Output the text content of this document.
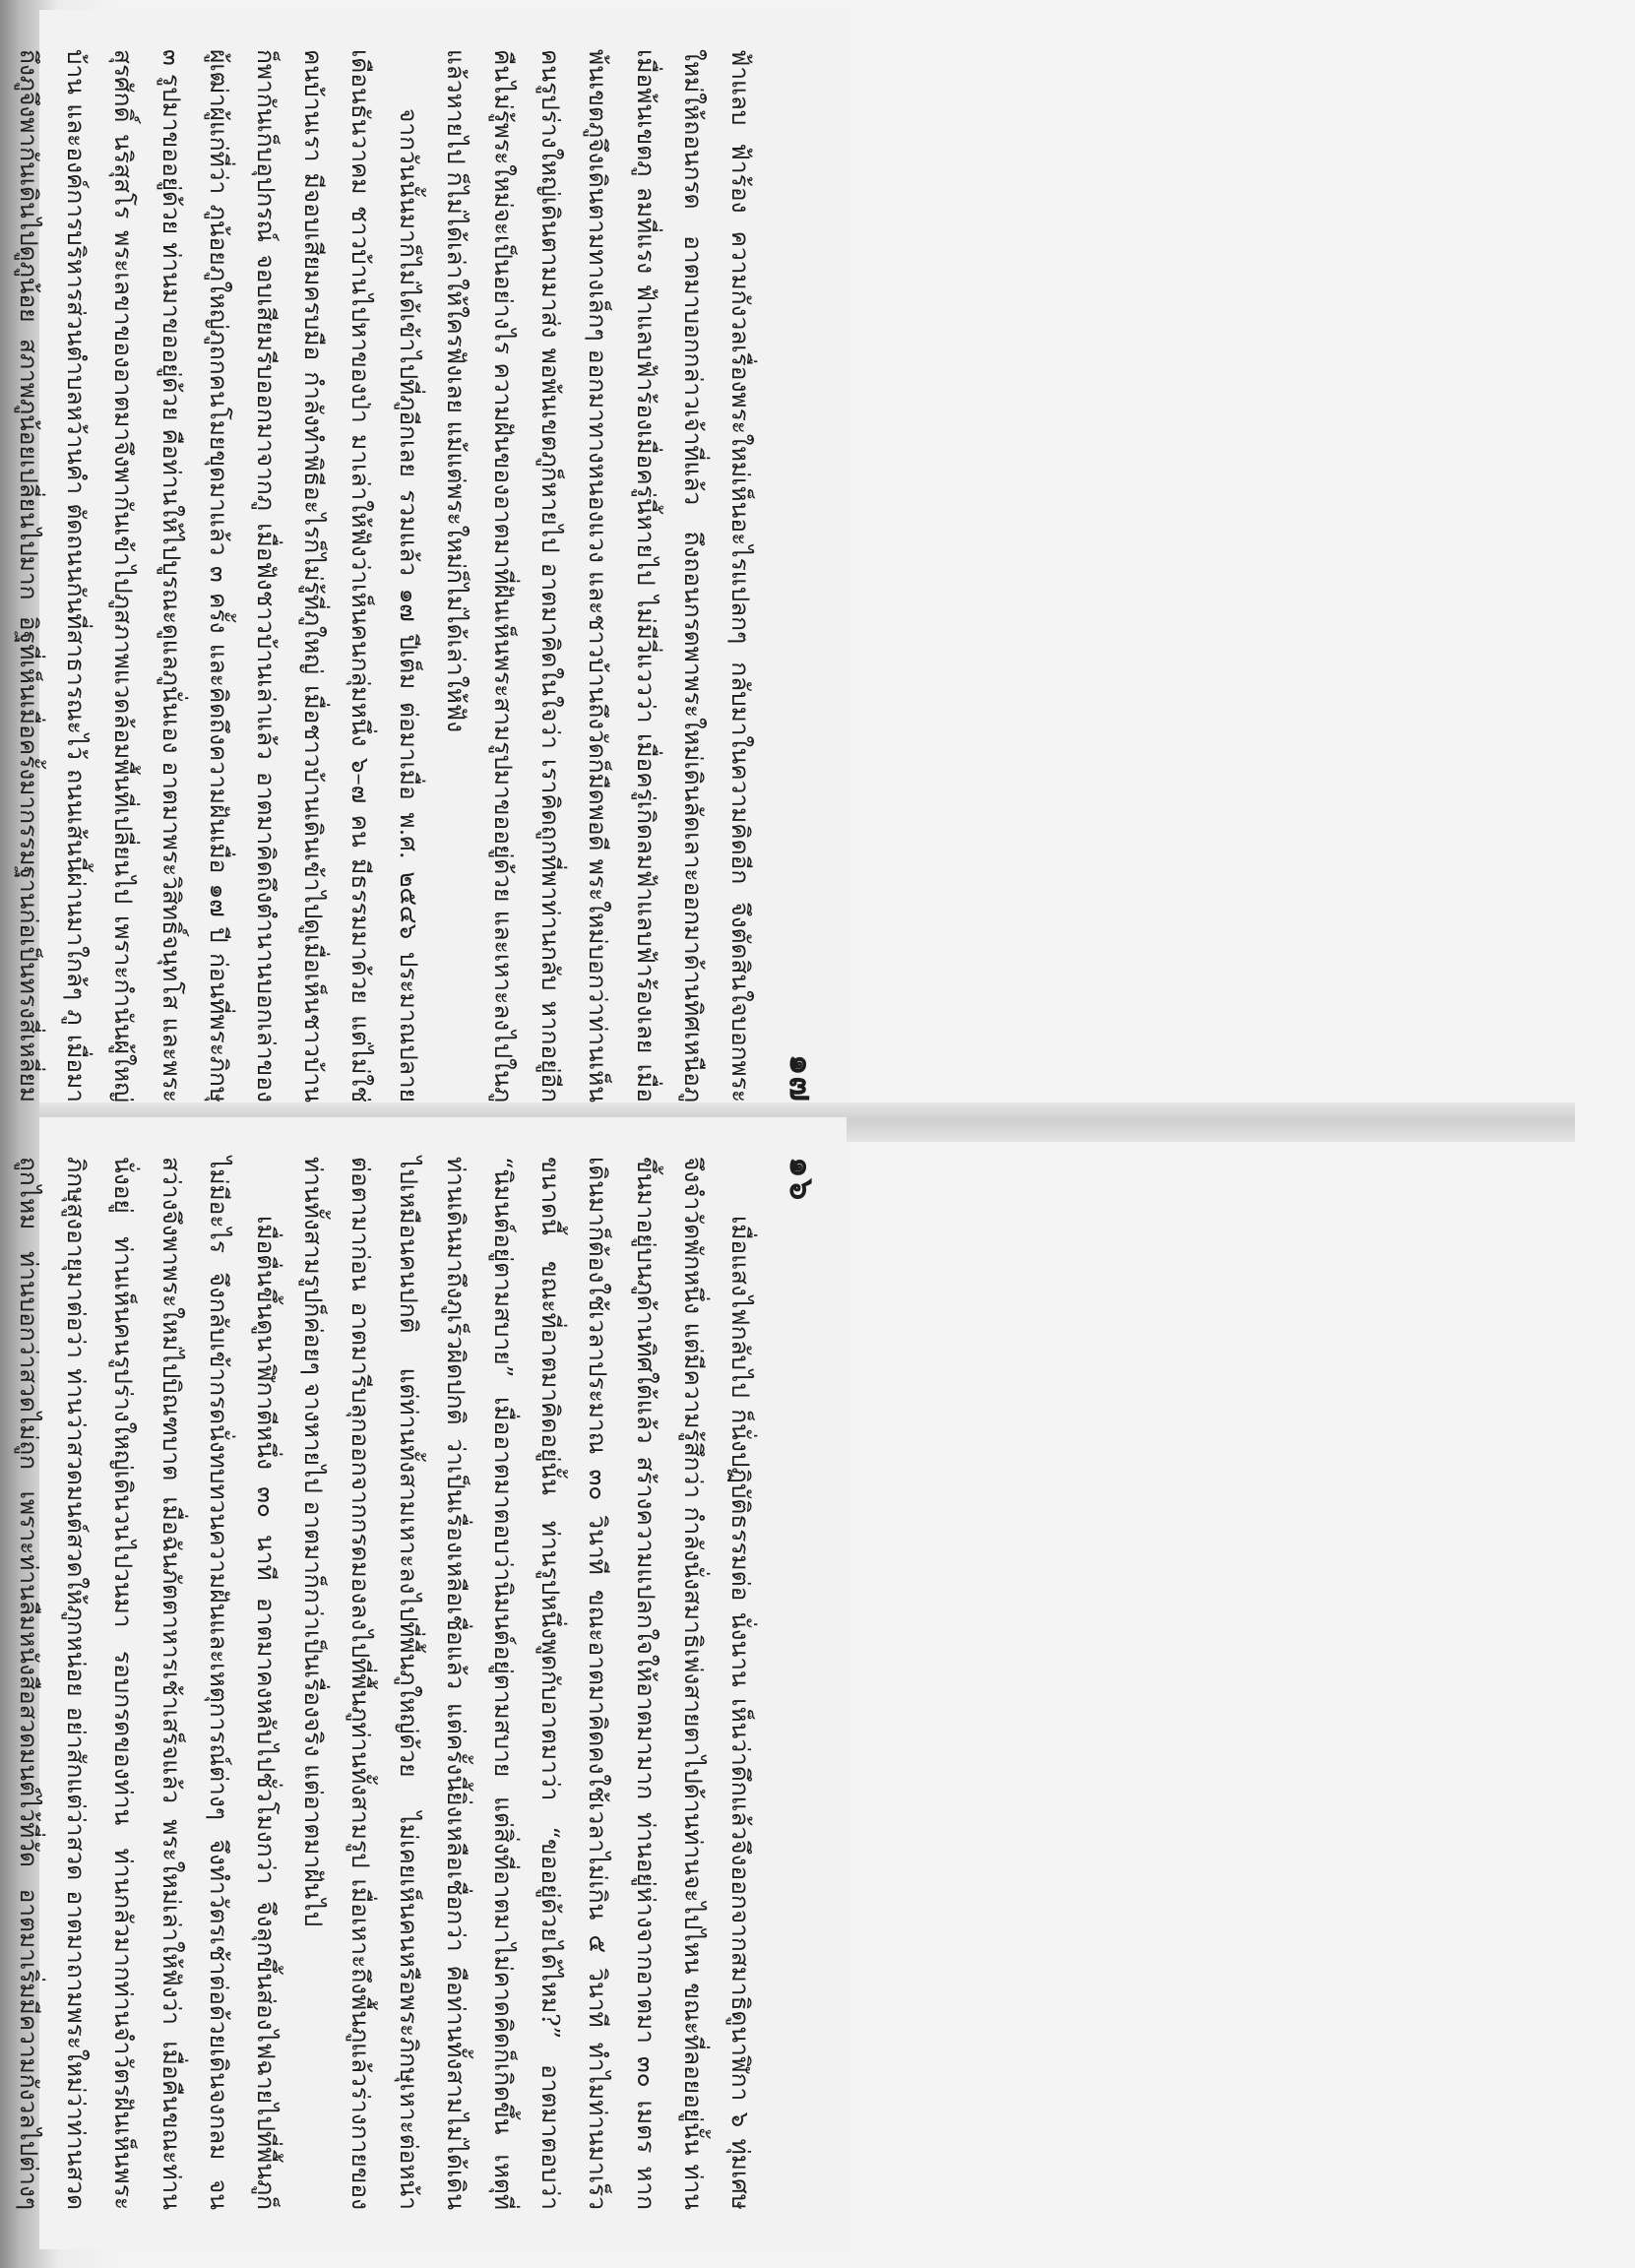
๑๗

ฟ้าแลบ ฟ้าร้อง ความกังวลเรื่องพระใหม่เห็นอะไรแปลกๆ กลับมาในความคิดอีก จึงตัดสินใจบอกพระใหม่ให้ถอนกรด อาตมาบอกกล่าวเจ้าที่แล้ว ถึงถอนกรดพาพระใหม่เดินลัดเลาะออกมาด้านทิศเหนือภู เมื่อพ้นเขตภู ลมที่แรง ฟ้าแลบฟ้าร้องเมื่อครู่นี้หายไป ไม่มีวี่แววว่า เมื่อครู่เกิดลมฟ้าแลบฟ้าร้องเลย เมื่อพ้นเขตภูจึงเดินตามทางเล็กๆ ออกมาทางหนองแวง และชาวบ้านถึงวัดก็มืดพอดี พระใหม่บอกว่าท่านเห็นคนรูปร่างใหญ่เดินตามมาส่ง พอพ้นเขตภูก็หายไป อาตมาคิดในใจว่า เราคิดถูกที่พาท่านกลับ หากอยู่อีกคืนไม่รู้พระใหม่จะเป็นอย่างไร ความฝันของอาตมาที่ฝันเห็นพระสามรูปมาขออยู่ด้วย และเหาะลงไปในภูแล้วหายไป ก็ไม่ได้เล่าให้ใครฟังเลย แม้แต่พระใหม่ก็ไม่ได้เล่าให้ฟัง

จากวันนั้นมาก็ไม่ได้เข้าไปที่ภูอีกเลย รวมแล้ว ๑๗ ปีเต็ม ต่อมาเมื่อ พ.ศ. ๒๕๔๖ ประมาณปลายเดือนธันวาคม ชาวบ้านไปหาของป่า มาเล่าให้ฟังว่าเห็นคนกลุ่มหนึ่ง ๖–๗ คน มีธรรมมาด้วย แต่ไม่ใช่คนบ้านเรา มีจอบเสียมครบมือ กำลังทำพิธีอะไรก็ไม่รู้ที่ภูใหญ่ เมื่อชาวบ้านเดินเข้าไปดูเมื่อเห็นชาวบ้าน ก็พากันเก็บอุปกรณ์ จอบเสียมรีบออกมาจากภู เมื่อฟังชาวบ้านเล่าแล้ว อาตมาคิดถึงตำนานบอกเล่าของผู้เฒ่าผู้แก่ที่ว่า ภูน้อยภูใหญ่ภูถกคนโมยขุดมาแล้ว ๓ ครั้ง และคิดถึงความฝันเมื่อ ๑๗ ปี ก่อนที่พระภิกษุ ๓ รูปมาขออยู่ด้วย ท่านมาขออยู่ด้วย คือท่านให้ไปบูรณะดูแลภูนั่นเอง อาตมาพระวิสิทธิ์จนุทโส และพระสุรศักดิ์ นริสุสโร พระเลขาของอาตมาจึงพากันเข้าไปภูสภาพแวดล้อมพื้นที่เปลี่ยนไป เพราะกำนันผู้ใหญ่บ้าน และองค์การบริหารส่วนตำบลหว้านคำ ตัดถนนกันที่สาธารณะไว้ ถนนเส้นนี้ผ่านมาใกล้ๆ ภู เมื่อมาถึงภูจึงพากันเดินไปดูภูน้อย สภาพภูน้อยเปลี่ยนไปมาก อิฐที่เห็นเมื่อครั้งมากรรมฐานก่อเป็นทรงสี่เหลี่ยม

๑๖

เมื่อแสงไฟกลับไป ก็นั่งปฏิบัติธรรมต่อ นั่งนาน เห็นว่าดึกแล้วจึงออกจากสมาธิดูนาฬิกา ๖ ทุ่มเศษ จึงจำวัดพักหนึ่ง แต่มีความรู้สึกว่า กำลังนั่งสมาธิเพ่งสายตาไปด้านท่านจะไปไหน ขณะที่ลอยอยู่นั้น ท่านขึ้นมาอยู่บนภูด้านทิศใต้แล้ว สร้างความแปลกใจให้อาตมามาก ท่านอยู่ห่างจากอาตมา ๓๐ เมตร หากเดินมาก็ต้องใช้เวลาประมาณ ๓๐ วินาที ขณะอาตมาคิดคงใช้เวลาไม่เกิน ๕ วินาที ทำไมท่านมาเร็วขนาดนี้ ขณะที่อาตมาคิดอยู่นั้น ท่านรูปหนึ่งพูดกับอาตมาว่า “ขออยู่ด้วยได้ไหม?” อาตมาตอบว่า “นิมนต์อยู่ตามสบาย” เมื่ออาตมาตอบว่านิมนต์อยู่ตามสบาย แต่สิ่งที่อาตมาไม่คาดคิดก็เกิดขึ้น เหตุที่ท่านเดินมาถึงภูเร็วผิดปกติ ว่าเป็นเรื่องเหลือเชื่อแล้ว แต่ครั้งนี้ยิ่งเหลือเชื่อกว่า คือท่านทั้งสามไม่ได้เดินไปเหมือนคนปกติ แต่ท่านทั้งสามเหาะลงไปที่พื้นภูใหญ่ด้วย ไม่เคยเห็นคนหรือพระภิกษุเหาะต่อหน้าต่อตามาก่อน อาตมารีบลุกออกจากกรดมองลงไปที่พื้นภูท่านทั้งสามรูป เมื่อเหาะถึงพื้นภูแล้วร่างกายของท่านทั้งสามรูปก็ค่อยๆ จางหายไป อาตมาก็กว่าเป็นเรื่องจริง แต่อาตมาฝันไป

เมื่อตื่นขึ้นดูนาฬิกาตีหนึ่ง ๓๐ นาที อาตมาคงหลับไปชั่วโมงกว่า จึงลุกขึ้นส่องไฟฉายไปที่พื้นภูก็ไม่มีอะไร จึงกลับเข้ากรดนั่งทบทวนความฝันและเหตุการณ์ต่างๆ จึงทำวัตรเช้าต่อด้วยเดินจงกลม จนสว่างจึงพาพระใหม่ไปบิณฑบาต เมื่อฉันภัตตาหารเช้าเสร็จแล้ว พระใหม่เล่าให้ฟังว่า เมื่อคืนขณะท่านนั่งอยู่ ท่านเห็นคนรูปร่างใหญ่เดินวนไปวนมา รอบกรดของท่าน ท่านกลัวมากท่านจำวัตรฝันเห็นพระภิกษุสูงอายุมาต่อว่า ท่านว่าสวดมนต์สวดให้ภูกหน่อย อย่าสักแต่ว่าสวด อาตมาถามพระใหม่ว่าท่านสวดถูกไหม ท่านบอกว่าสวดไม่ถูก เพราะท่านลืมหนังสือสวดมนต์ไว้ที่วัด อาตมาเริ่มมีความกังวลไปต่างๆ
